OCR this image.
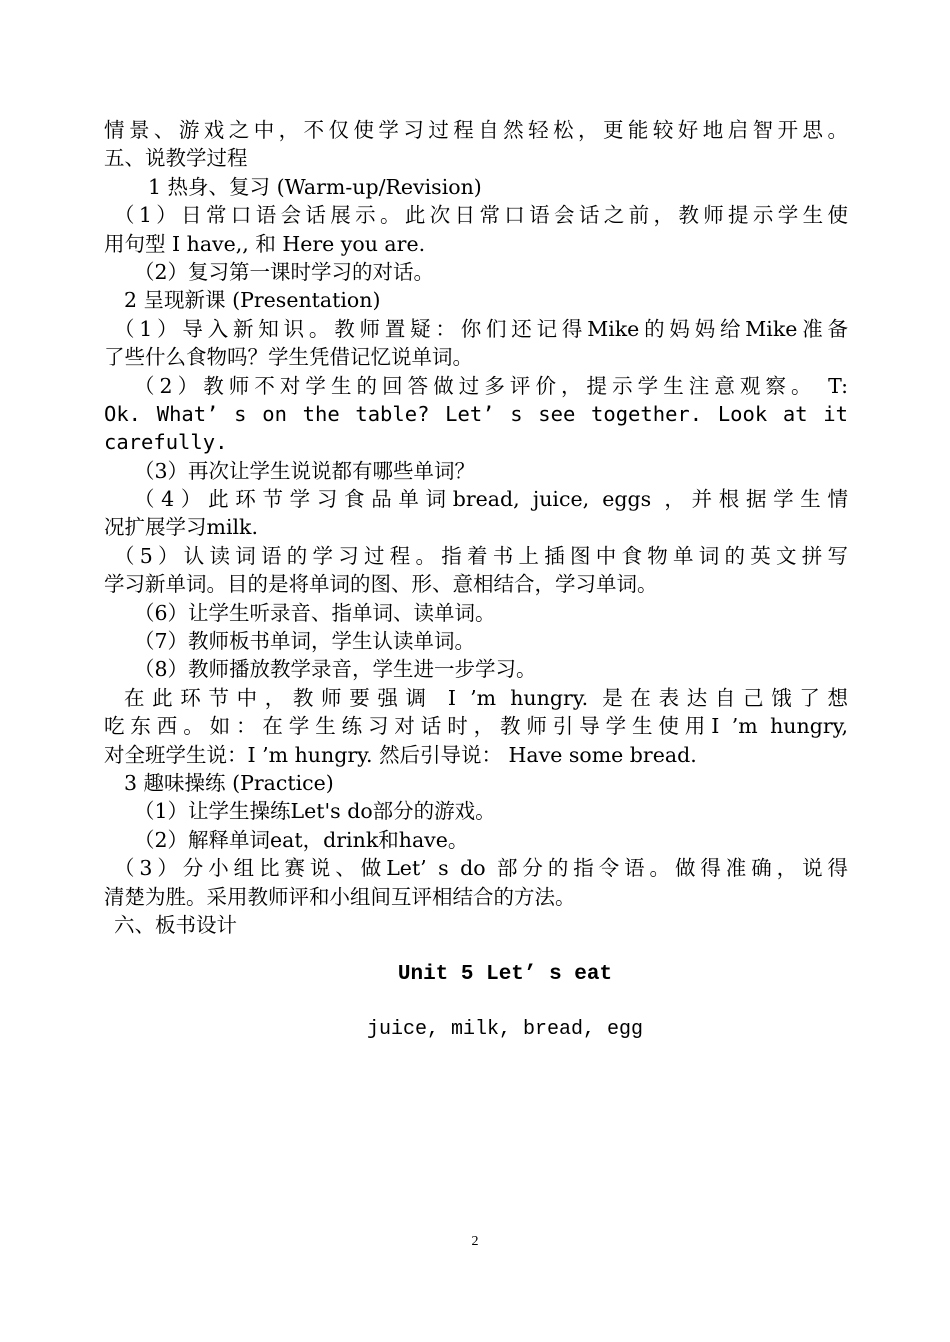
情景、游戏之中，不仅使学习过程自然轻松，更能较好地启智开思。
五、说教学过程
1 热身、复习 (Warm-up/Revision)
（1）日常口语会话展示。此次日常口语会话之前，教师提示学生使
用句型 I have,, 和 Here you are.
（2）复习第一课时学习的对话。
2 呈现新课 (Presentation)
（1）导入新知识。教师置疑：你们还记得Mike的妈妈给Mike准备
了些什么食物吗？学生凭借记忆说单词。
（2）教师不对学生的回答做过多评价，提示学生注意观察。 T:
Ok. What’ s on the table? Let’ s see together. Look at it
carefully.
（3）再次让学生说说都有哪些单词？
（4）此环节学习食品单词bread, juice, eggs ，并根据学生情
况扩展学习milk.
（5）认读词语的学习过程。指着书上插图中食物单词的英文拼写
学习新单词。目的是将单词的图、形、意相结合，学习单词。
（6）让学生听录音、指单词、读单词。
（7）教师板书单词，学生认读单词。
（8）教师播放教学录音，学生进一步学习。
在此环节中，教师要强调 I ’m hungry. 是在表达自己饿了想
吃东西。如：在学生练习对话时，教师引导学生使用I ’m hungry,
对全班学生说：I ’m hungry. 然后引导说： Have some bread.
3 趣味操练 (Practice)
（1）让学生操练Let's do部分的游戏。
（2）解释单词eat，drink和have。
（3）分小组比赛说、做Let’ s do 部分的指令语。做得准确，说得
清楚为胜。采用教师评和小组间互评相结合的方法。
六、板书设计
Unit 5 Let’ s eat
juice, milk, bread, egg
2
